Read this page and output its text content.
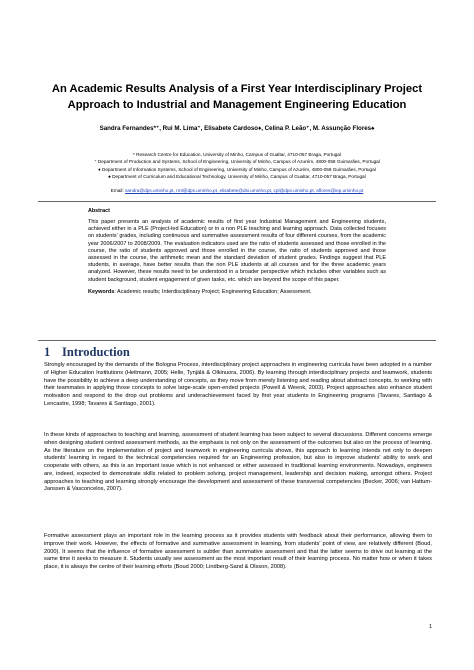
An Academic Results Analysis of a First Year Interdisciplinary Project
Approach to Industrial and Management Engineering Education
Sandra Fernandes*⁺, Rui M. Lima⁺, Elisabete Cardoso♦, Celina P. Leão⁺, M. Assunção Flores♠
* Research Centre for Education, University of Minho, Campus of Gualtar, 4710-057 Braga, Portugal
⁺ Department of Production and Systems, School of Engineering, University of Minho, Campus of Azurém, 4800-058 Guimarães, Portugal
♦ Department of Information Systems, School of Engineering, University of Minho, Campus of Azurém, 4800-058 Guimarães, Portugal
♠ Department of Curriculum and Educational Technology, University of Minho, Campus of Gualtar, 4710-057 Braga, Portugal
Email: sandra@dps.uminho.pt, rml@dps.uminho.pt, elisabete@dsi.uminho.pt, cpl@dps.uminho.pt, aflores@iep.uminho.pt
Abstract
This paper presents an analysis of academic results of first year Industrial Management and Engineering students, achieved either in a PLE (Project-led Education) or in a non PLE teaching and learning approach. Data collected focuses on students' grades, including continuous and summative assessment results of four different courses, from the academic year 2006/2007 to 2008/2009. The evaluation indicators used are the ratio of students assessed and those enrolled in the course, the ratio of students approved and those enrolled in the course, the ratio of students approved and those assessed in the course, the arithmetic mean and the standard deviation of student grades. Findings suggest that PLE students, in average, have better results than the non PLE students at all courses and for the three academic years analyzed. However, these results need to be understood in a broader perspective which includes other variables such as student background, student engagement of given tasks, etc. which are beyond the scope of this paper.
Keywords: Academic results; Interdisciplinary Project; Engineering Education; Assessment.
1 Introduction
Strongly encouraged by the demands of the Bologna Process, interdisciplinary project approaches in engineering curricula have been adopted in a number of Higher Education Institutions (Heitmann, 2005; Helle, Tynjälä & Olkinuora, 2006). By learning through interdisciplinary projects and teamwork, students have the possibility to achieve a deep understanding of concepts, as they move from merely listening and reading about abstract concepts, to working with their teammates in applying those concepts to solve large-scale open-ended projects (Powell & Weenk, 2003). Project approaches also enhance student motivation and respond to the drop out problems and underachievement faced by first year students in Engineering programs (Tavares, Santiago & Lencastre, 1998; Tavares & Santiago, 2001).
In these kinds of approaches to teaching and learning, assessment of student learning has been subject to several discussions. Different concerns emerge when designing student centred assessment methods, as the emphasis is not only on the assessment of the outcomes but also on the process of learning. As the literature on the implementation of project and teamwork in engineering curricula shows, this approach to learning intends not only to deepen students' learning in regard to the technical competencies required for an Engineering profession, but also to improve students' ability to work and cooperate with others, as this is an important issue which is not enhanced or either assessed in traditional learning environments. Nowadays, engineers are, indeed, expected to demonstrate skills related to problem solving, project management, leadership and decision making, amongst others. Project approaches to teaching and learning strongly encourage the development and assessment of these transversal competencies (Becker, 2006; van Hattum-Janssen & Vasconcelos, 2007).
Formative assessment plays an important role in the learning process as it provides students with feedback about their performance, allowing them to improve their work. However, the effects of formative and summative assessment in learning, from students' point of view, are relatively different (Boud, 2000). It seems that the influence of formative assessment is subtler than summative assessment and that the latter seems to drive out learning at the same time it seeks to measure it. Students usually see assessment as the most important result of their learning process. No matter how or when it takes place, it is always the centre of their learning efforts (Boud 2000; Lindberg-Sand & Olsson, 2008).
1
